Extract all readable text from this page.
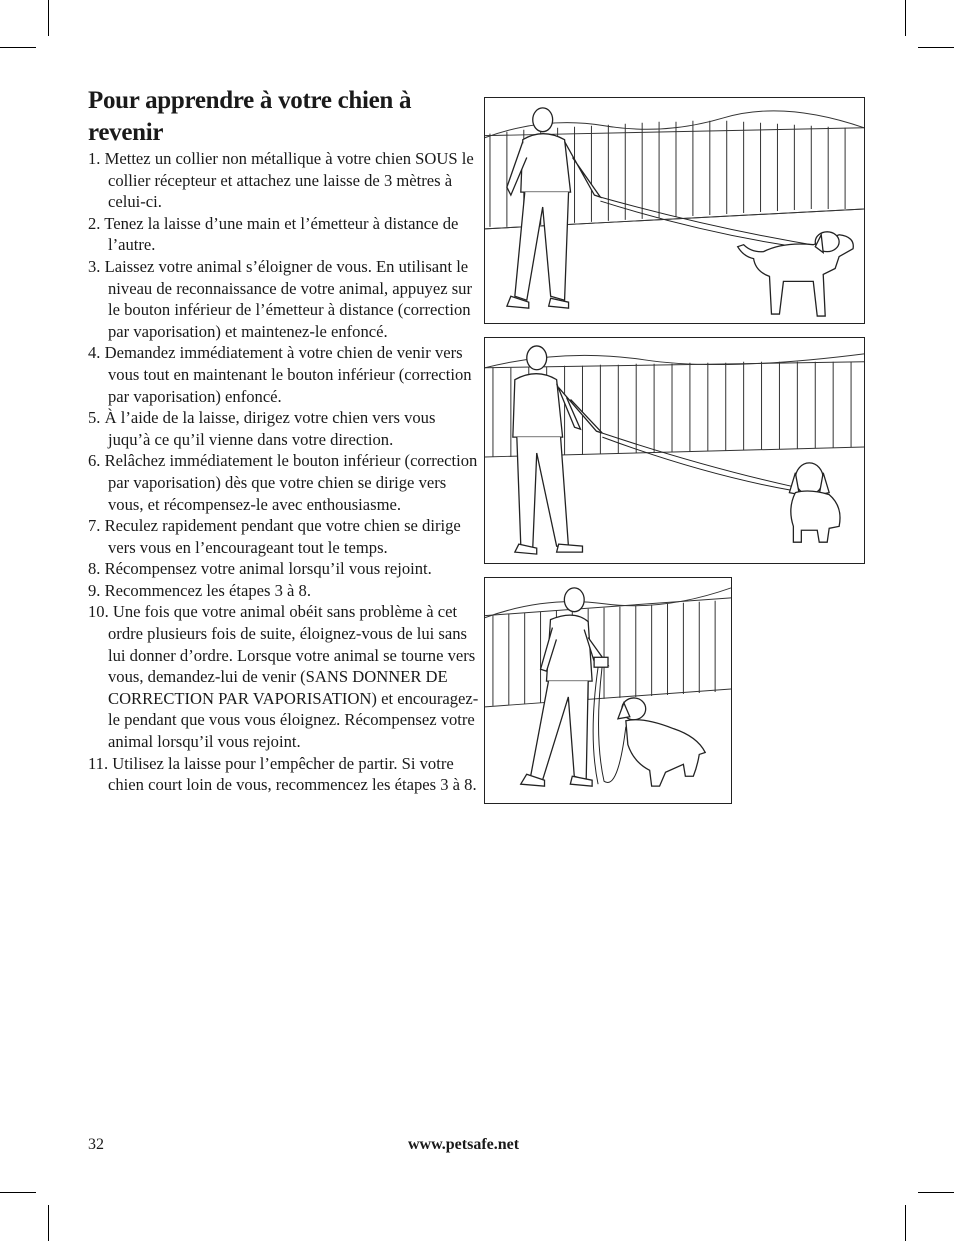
Pour apprendre à votre chien à revenir
1. Mettez un collier non métallique à votre chien SOUS le collier récepteur et attachez une laisse de 3 mètres à celui-ci.
2. Tenez la laisse d’une main et l’émetteur à distance de l’autre.
3. Laissez votre animal s’éloigner de vous. En utilisant le niveau de reconnaissance de votre animal, appuyez sur le bouton inférieur de l’émetteur à distance (correction par vaporisation) et maintenez-le enfoncé.
4. Demandez immédiatement à votre chien de venir vers vous tout en maintenant le bouton inférieur (correction par vaporisation) enfoncé.
5. À l’aide de la laisse, dirigez votre chien vers vous juqu’à ce qu’il vienne dans votre direction.
6. Relâchez immédiatement le bouton inférieur (correction par vaporisation) dès que votre chien se dirige vers vous, et récompensez-le avec enthousiasme.
7. Reculez rapidement pendant que votre chien se dirige vers vous en l’encourageant tout le temps.
8. Récompensez votre animal lorsqu’il vous rejoint.
9. Recommencez les étapes 3 à 8.
10. Une fois que votre animal obéit sans problème à cet ordre plusieurs fois de suite, éloignez-vous de lui sans lui donner d’ordre. Lorsque votre animal se tourne vers vous, demandez-lui de venir (SANS DONNER DE CORRECTION PAR VAPORISATION) et encouragez-le pendant que vous vous éloignez. Récompensez votre animal lorsqu’il vous rejoint.
11. Utilisez la laisse pour l’empêcher de partir. Si votre chien court loin de vous, recommencez les étapes 3 à 8.
32	www.petsafe.net
